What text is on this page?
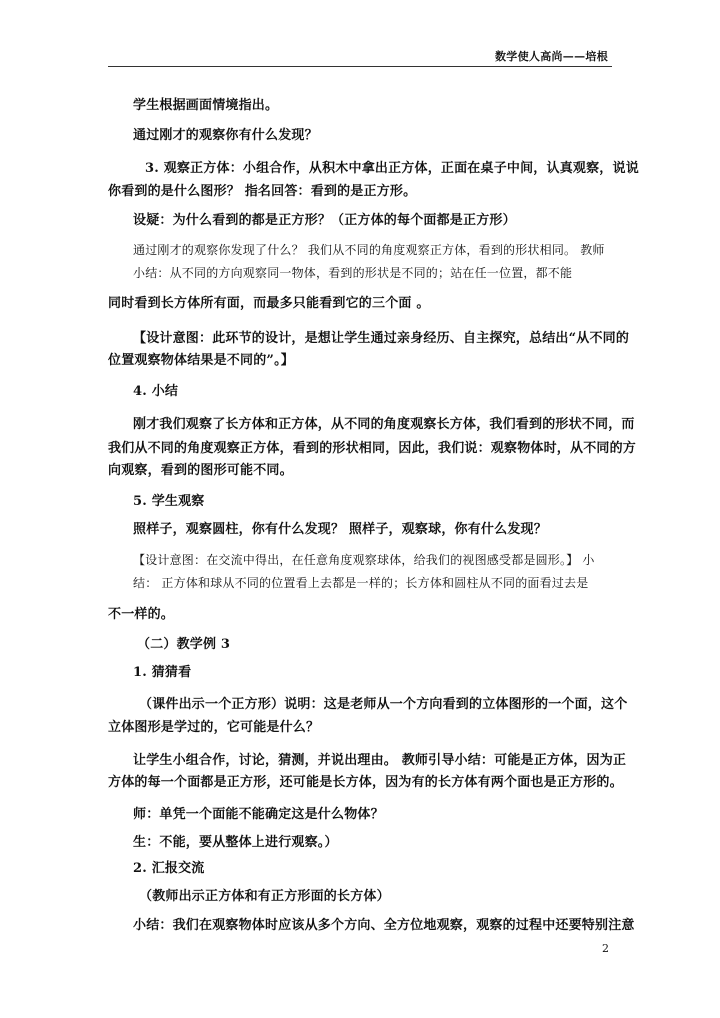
数学使人高尚——培根
学生根据画面情境指出。
通过刚才的观察你有什么发现？
3. 观察正方体：小组合作，从积木中拿出正方体，正面在桌子中间，认真观察，说说
你看到的是什么图形？ 指名回答：看到的是正方形。
设疑：为什么看到的都是正方形？（正方体的每个面都是正方形）
通过刚才的观察你发现了什么？ 我们从不同的角度观察正方体，看到的形状相同。 教师
小结：从不同的方向观察同一物体，看到的形状是不同的；站在任一位置，都不能
同时看到长方体所有面，而最多只能看到它的三个面 。
【设计意图：此环节的设计，是想让学生通过亲身经历、自主探究，总结出“从不同的
位置观察物体结果是不同的”。】
4. 小结
刚才我们观察了长方体和正方体，从不同的角度观察长方体，我们看到的形状不同，而
我们从不同的角度观察正方体，看到的形状相同，因此，我们说：观察物体时，从不同的方
向观察，看到的图形可能不同。
5. 学生观察
照样子，观察圆柱，你有什么发现？ 照样子，观察球，你有什么发现？
【设计意图：在交流中得出，在任意角度观察球体，给我们的视图感受都是圆形。】 小
结： 正方体和球从不同的位置看上去都是一样的；长方体和圆柱从不同的面看过去是
不一样的。
（二）教学例 3
1. 猜猜看
（课件出示一个正方形）说明：这是老师从一个方向看到的立体图形的一个面，这个
立体图形是学过的，它可能是什么？
让学生小组合作，讨论，猜测，并说出理由。 教师引导小结：可能是正方体，因为正
方体的每一个面都是正方形，还可能是长方体，因为有的长方体有两个面也是正方形的。
师：单凭一个面能不能确定这是什么物体？
生：不能，要从整体上进行观察。）
2. 汇报交流
（教师出示正方体和有正方形面的长方体）
小结：我们在观察物体时应该从多个方向、全方位地观察，观察的过程中还要特别注意
2
